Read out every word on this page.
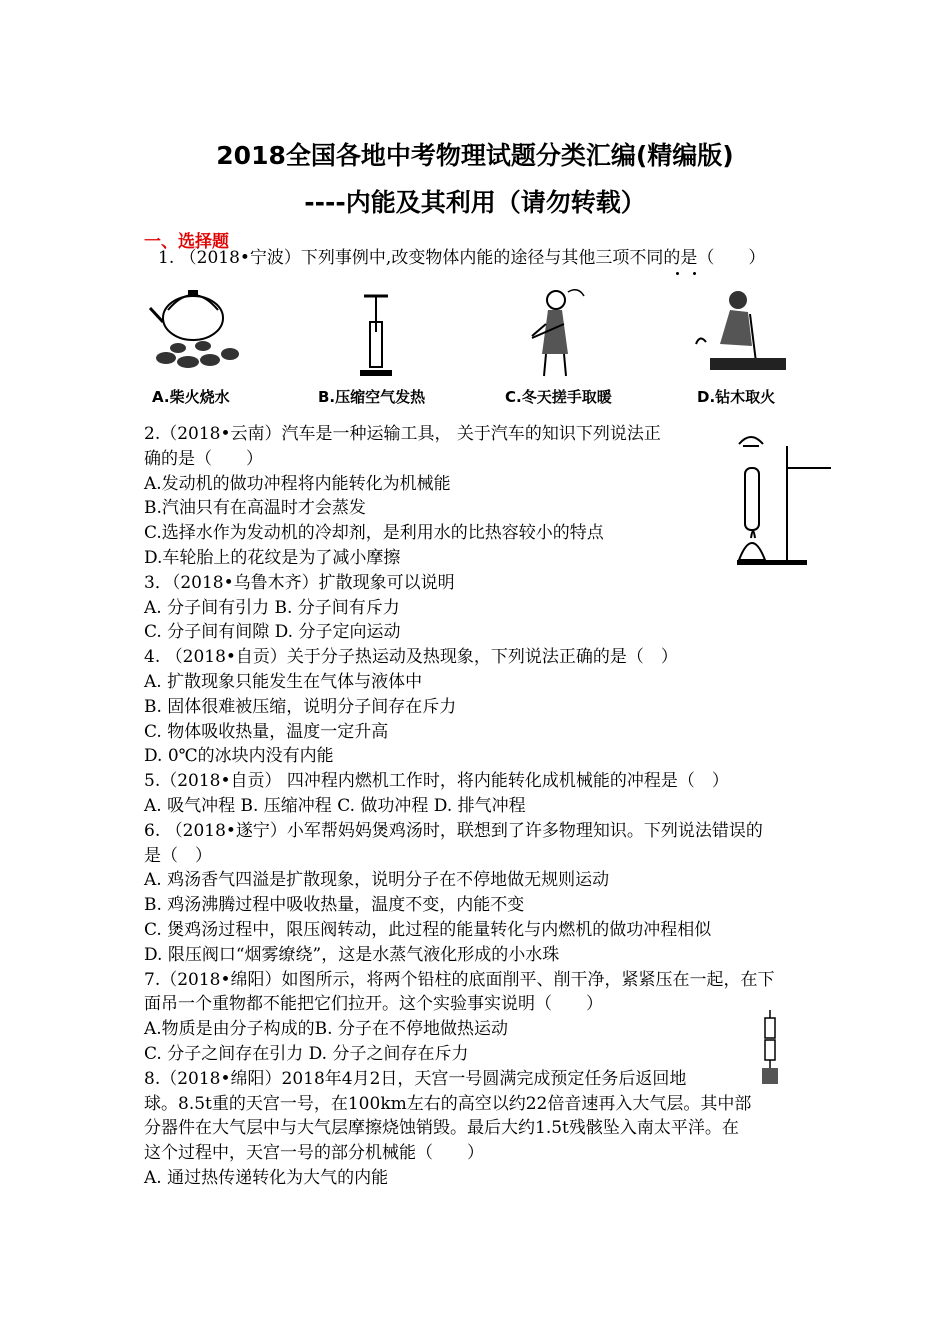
2018全国各地中考物理试题分类汇编(精编版)
----内能及其利用（请勿转载）
一、选择题
1. （2018•宁波）下列事例中,改变物体内能的途径与其他三项不同的是（　　）
A.柴火烧水	B.压缩空气发热	C.冬天搓手取暖	D.钻木取火
2.（2018•云南）汽车是一种运输工具， 关于汽车的知识下列说法正
确的是（　　）
A.发动机的做功冲程将内能转化为机械能
B.汽油只有在高温时才会蒸发
C.选择水作为发动机的冷却剂，是利用水的比热容较小的特点
D.车轮胎上的花纹是为了减小摩擦
3．（2018•乌鲁木齐）扩散现象可以说明
A. 分子间有引力 B. 分子间有斥力
C. 分子间有间隙 D. 分子定向运动
4. （2018•自贡）关于分子热运动及热现象，下列说法正确的是（　）
A. 扩散现象只能发生在气体与液体中
B. 固体很难被压缩，说明分子间存在斥力
C. 物体吸收热量，温度一定升高
D. 0℃的冰块内没有内能
5.（2018•自贡） 四冲程内燃机工作时，将内能转化成机械能的冲程是（　）
A. 吸气冲程 B. 压缩冲程 C. 做功冲程 D. 排气冲程
6. （2018•遂宁）小军帮妈妈煲鸡汤时，联想到了许多物理知识。下列说法错误的
是（　）
A. 鸡汤香气四溢是扩散现象，说明分子在不停地做无规则运动
B. 鸡汤沸腾过程中吸收热量，温度不变，内能不变
C. 煲鸡汤过程中，限压阀转动，此过程的能量转化与内燃机的做功冲程相似
D. 限压阀口“烟雾缭绕”，这是水蒸气液化形成的小水珠
7.（2018•绵阳）如图所示，将两个铅柱的底面削平、削干净，紧紧压在一起，在下
面吊一个重物都不能把它们拉开。这个实验事实说明（　　）
A.物质是由分子构成的B. 分子在不停地做热运动
C. 分子之间存在引力 D. 分子之间存在斥力
8.（2018•绵阳）2018年4月2日，天宫一号圆满完成预定任务后返回地
球。8.5t重的天宫一号，在100km左右的高空以约22倍音速再入大气层。其中部
分器件在大气层中与大气层摩擦烧蚀销毁。最后大约1.5t残骸坠入南太平洋。在
这个过程中，天宫一号的部分机械能（　　）
A. 通过热传递转化为大气的内能
